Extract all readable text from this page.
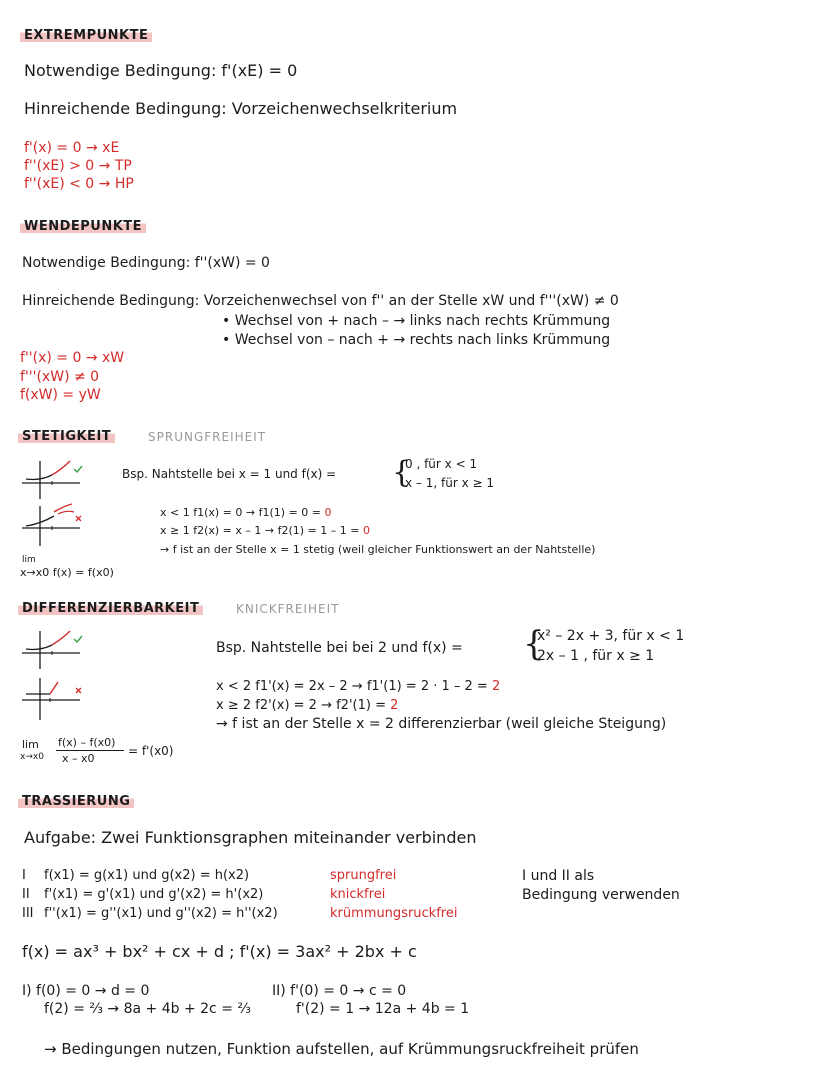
EXTREMPUNKTE
Notwendige Bedingung: f'(xE) = 0
Hinreichende Bedingung: Vorzeichenwechselkriterium
f'(x) = 0 → xE
f''(xE) > 0 → TP
f''(xE) < 0 → HP
WENDEPUNKTE
Notwendige Bedingung: f''(xW) = 0
Hinreichende Bedingung: Vorzeichenwechsel von f'' an der Stelle xW und f'''(xW) ≠ 0
• Wechsel von + nach – → links nach rechts Krümmung
• Wechsel von – nach + → rechts nach links Krümmung
f''(x) = 0 → xW
f'''(xW) ≠ 0
f(xW) = yW
STETIGKEIT	SPRUNGFREIHEIT
Bsp. Nahtstelle bei x = 1 und f(x) = {
0 , für x < 1
x – 1, für x ≥ 1
x < 1 f1(x) = 0 → f1(1) = 0 = 0
x ≥ 1 f2(x) = x – 1 → f2(1) = 1 – 1 = 0
→ f ist an der Stelle x = 1 stetig (weil gleicher Funktionswert an der Nahtstelle)
lim
x→x0 f(x) = f(x0)
DIFFERENZIERBARKEIT	KNICKFREIHEIT
Bsp. Nahtstelle bei bei 2 und f(x) = {
x² – 2x + 3, für x < 1
2x – 1 , für x ≥ 1
x < 2 f1'(x) = 2x – 2 → f1'(1) = 2 · 1 – 2 = 2
x ≥ 2 f2'(x) = 2 → f2'(1) = 2
→ f ist an der Stelle x = 2 differenzierbar (weil gleiche Steigung)
lim
x→x0
f(x) – f(x0)
x – x0
= f'(x0)
TRASSIERUNG
Aufgabe: Zwei Funktionsgraphen miteinander verbinden
I f(x1) = g(x1) und g(x2) = h(x2)	sprungfrei
II f'(x1) = g'(x1) und g'(x2) = h'(x2)	knickfrei
III f''(x1) = g''(x1) und g''(x2) = h''(x2)	krümmungsruckfrei
I und II als
Bedingung verwenden
f(x) = ax³ + bx² + cx + d ; f'(x) = 3ax² + 2bx + c
I) f(0) = 0 → d = 0
f(2) = ⅔ → 8a + 4b + 2c = ⅔
II) f'(0) = 0 → c = 0
f'(2) = 1 → 12a + 4b = 1
→ Bedingungen nutzen, Funktion aufstellen, auf Krümmungsruckfreiheit prüfen
